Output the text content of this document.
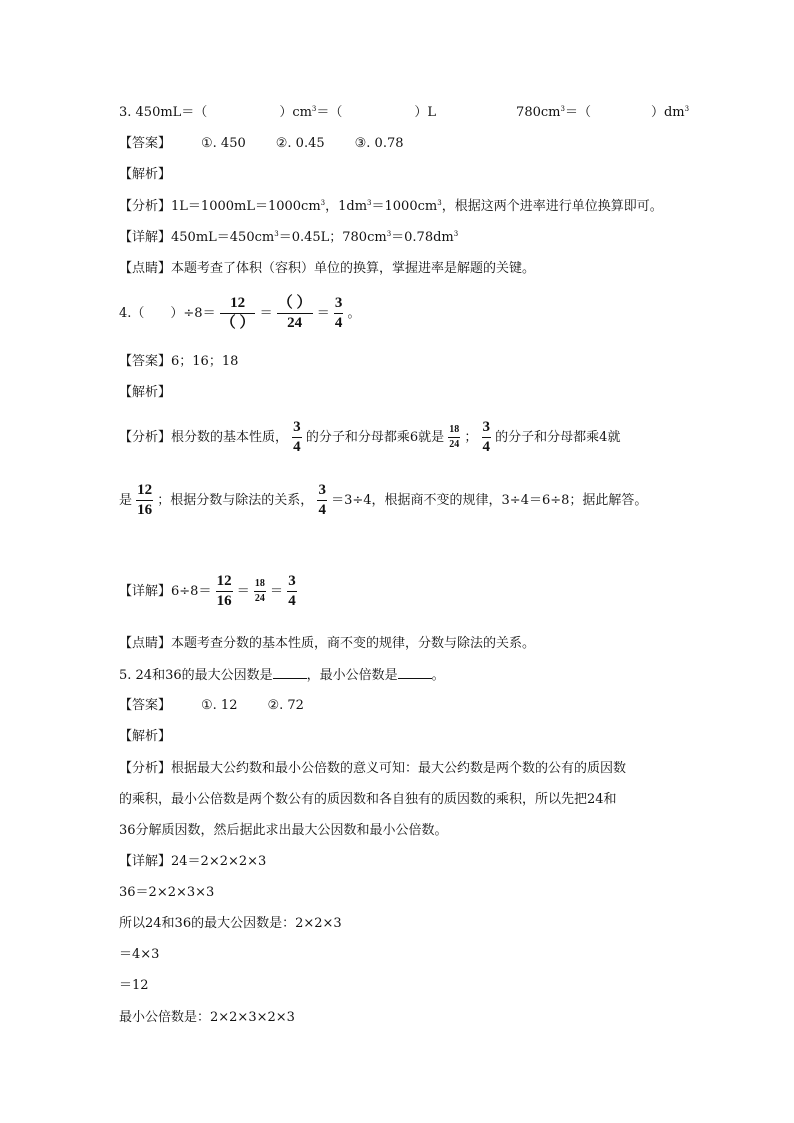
3. 450mL＝（	）$cm^3=$（	）L	$780cm^3=$（	）$dm^3$
【答案】 ①. 450 ②. 0.45 ③. 0.78
【解析】
【分析】$1L=1000mL=1000cm^3$，$1dm^3=1000cm^3$，根据这两个进率进行单位换算即可。
【详解】$450mL=450cm^3=0.45L$；$780cm^3=0.78dm^3$
【点睛】本题考查了体积（容积）单位的换算，掌握进率是解题的关键。
4.（ ）$\div 8= \frac{12}{( )} = \frac{( )}{24} = \frac{3}{4}$ 。
【答案】6；16；18
【解析】
【分析】根分数的基本性质， $\frac{3}{4}$ 的分子和分母都乘6就是 $\frac{18}{24}$ ； $\frac{3}{4}$ 的分子和分母都乘4就
是 $\frac{12}{16}$ ；根据分数与除法的关系， $\frac{3}{4} =3\div 4$，根据商不变的规律，3÷4＝6÷8；据此解答。
【详解】$6\div 8= \frac{12}{16} = \frac{18}{24} = \frac{3}{4}$
【点睛】本题考查分数的基本性质，商不变的规律，分数与除法的关系。
5. 24和36的最大公因数是	，最小公倍数是	。
【答案】 ①. 12 ②. 72
【解析】
【分析】根据最大公约数和最小公倍数的意义可知：最大公约数是两个数的公有的质因数
的乘积，最小公倍数是两个数公有的质因数和各自独有的质因数的乘积，所以先把24和
36分解质因数，然后据此求出最大公因数和最小公倍数。
【详解】24＝2×2×2×3
36＝2×2×3×3
所以24和36的最大公因数是：2×2×3
＝4×3
＝12
最小公倍数是：2×2×3×2×3
